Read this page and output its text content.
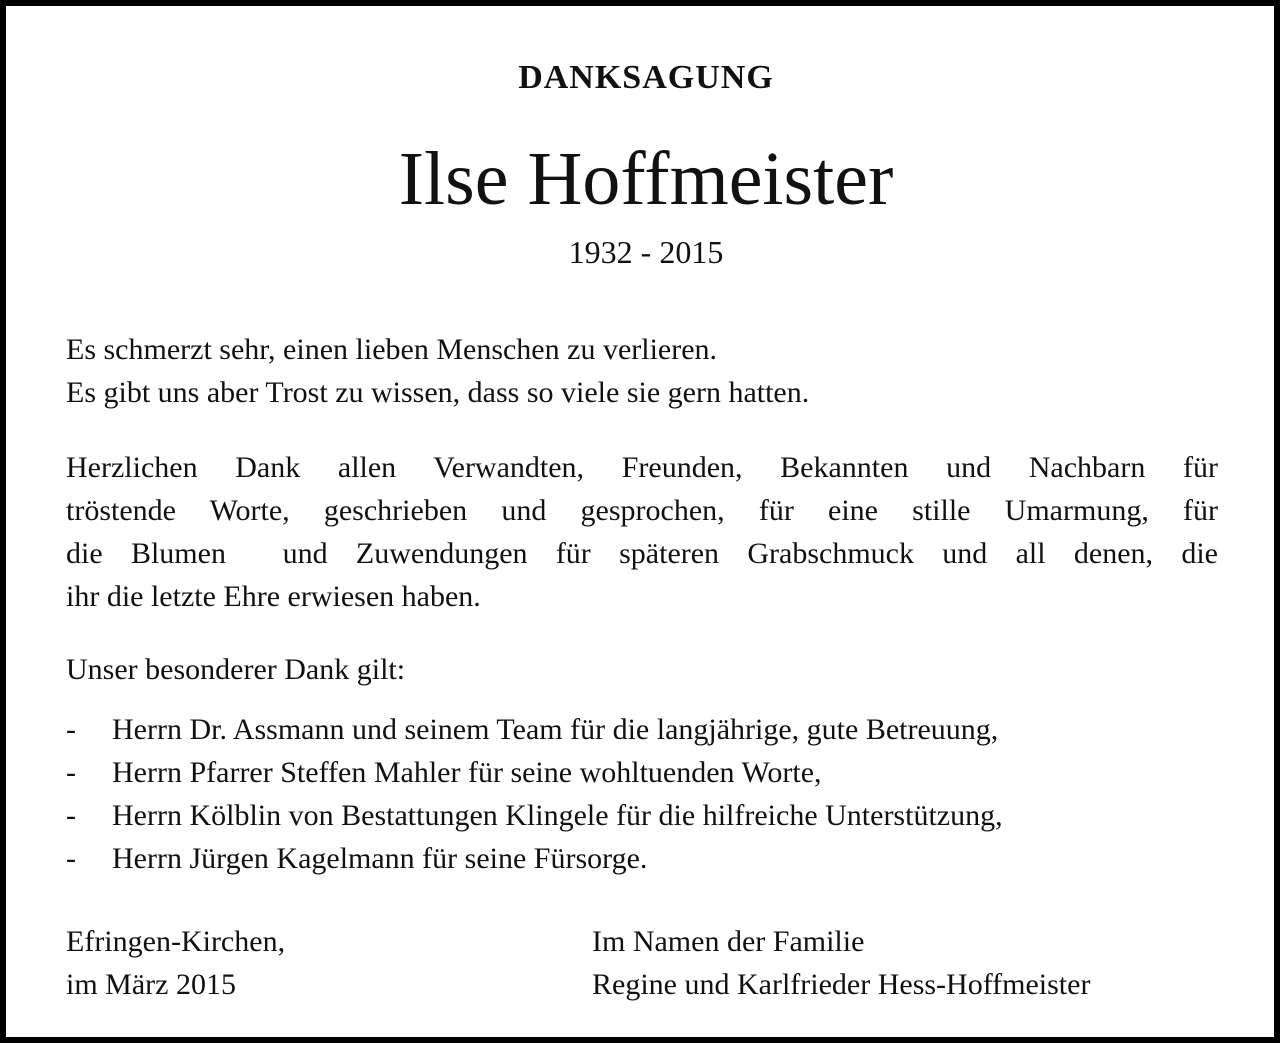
DANKSAGUNG
Ilse Hoffmeister
1932 - 2015
Es schmerzt sehr, einen lieben Menschen zu verlieren.
Es gibt uns aber Trost zu wissen, dass so viele sie gern hatten.
Herzlichen Dank allen Verwandten, Freunden, Bekannten und Nachbarn für
tröstende Worte, geschrieben und gesprochen, für eine stille Umarmung, für
die Blumen  und Zuwendungen für späteren Grabschmuck und all denen, die
ihr die letzte Ehre erwiesen haben.
Unser besonderer Dank gilt:
-	Herrn Dr. Assmann und seinem Team für die langjährige, gute Betreuung,
-	Herrn Pfarrer Steffen Mahler für seine wohltuenden Worte,
-	Herrn Kölblin von Bestattungen Klingele für die hilfreiche Unterstützung,
-	Herrn Jürgen Kagelmann für seine Fürsorge.
Efringen-Kirchen,
im März 2015
Im Namen der Familie
Regine und Karlfrieder Hess-Hoffmeister
